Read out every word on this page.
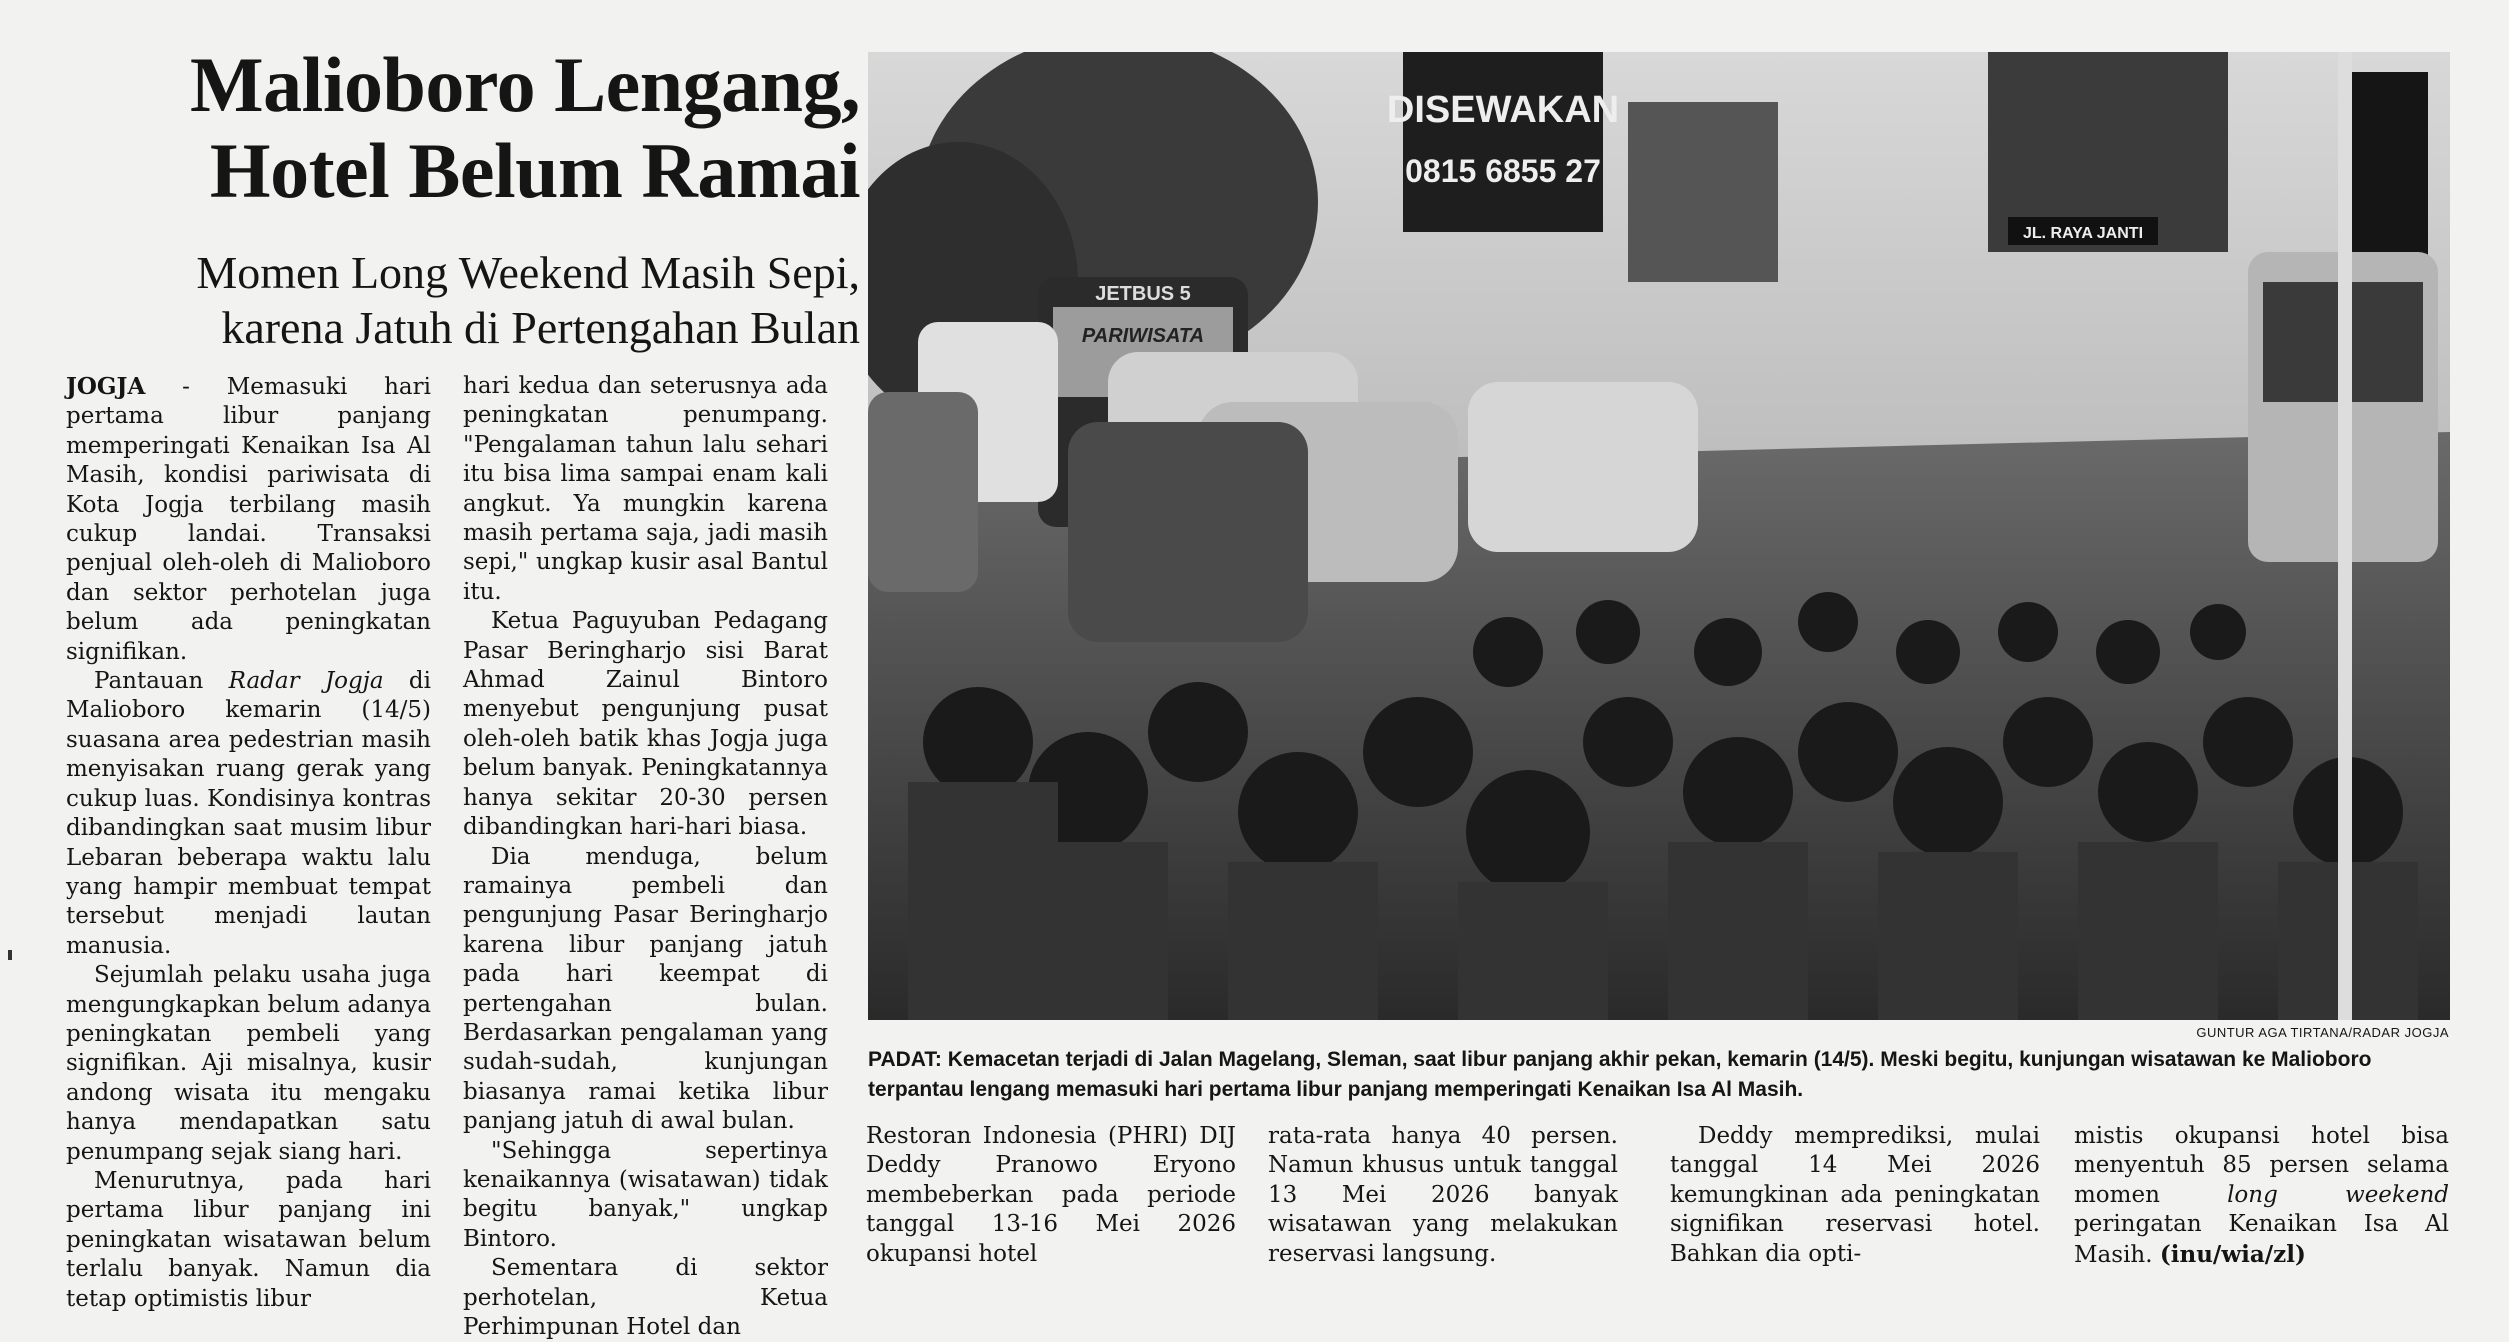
Malioboro Lengang,
Hotel Belum Ramai
Momen Long Weekend Masih Sepi,
karena Jatuh di Pertengahan Bulan

JOGJA - Memasuki hari pertama libur panjang memperingati Kenaikan Isa Al Masih, kondisi pariwisata di Kota Jogja terbilang masih cukup landai. Transaksi penjual oleh-oleh di Malioboro dan sektor perhotelan juga belum ada peningkatan signifikan.

Pantauan Radar Jogja di Malioboro kemarin (14/5) suasana area pedestrian masih menyisakan ruang gerak yang cukup luas. Kondisinya kontras dibandingkan saat musim libur Lebaran beberapa waktu lalu yang hampir membuat tempat tersebut menjadi lautan manusia.

Sejumlah pelaku usaha juga mengungkapkan belum adanya peningkatan pembeli yang signifikan. Aji misalnya, kusir andong wisata itu mengaku hanya mendapatkan satu penumpang sejak siang hari.

Menurutnya, pada hari pertama libur panjang ini peningkatan wisatawan belum terlalu banyak. Namun dia tetap optimistis libur

hari kedua dan seterusnya ada peningkatan penumpang. "Pengalaman tahun lalu sehari itu bisa lima sampai enam kali angkut. Ya mungkin karena masih pertama saja, jadi masih sepi," ungkap kusir asal Bantul itu.

Ketua Paguyuban Pedagang Pasar Beringharjo sisi Barat Ahmad Zainul Bintoro menyebut pengunjung pusat oleh-oleh batik khas Jogja juga belum banyak. Peningkatannya hanya sekitar 20-30 persen dibandingkan hari-hari biasa.

Dia menduga, belum ramainya pembeli dan pengunjung Pasar Beringharjo karena libur panjang jatuh pada hari keempat di pertengahan bulan. Berdasarkan pengalaman yang sudah-sudah, kunjungan biasanya ramai ketika libur panjang jatuh di awal bulan.

"Sehingga sepertinya kenaikannya (wisatawan) tidak begitu banyak," ungkap Bintoro.

Sementara di sektor perhotelan, Ketua Perhimpunan Hotel dan

DISEWAKAN
0815 6855 27
JL. RAYA JANTI
JETBUS 5
PARIWISATA
GUNTUR AGA TIRTANA/RADAR JOGJA
PADAT: Kemacetan terjadi di Jalan Magelang, Sleman, saat libur panjang akhir pekan, kemarin (14/5). Meski begitu, kunjungan wisatawan ke Malioboro terpantau lengang memasuki hari pertama libur panjang memperingati Kenaikan Isa Al Masih.

Restoran Indonesia (PHRI) DIJ Deddy Pranowo Eryono membeberkan pada periode tanggal 13-16 Mei 2026 okupansi hotel

rata-rata hanya 40 persen. Namun khusus untuk tanggal 13 Mei 2026 banyak wisatawan yang melakukan reservasi langsung.

Deddy memprediksi, mulai tanggal 14 Mei 2026 kemungkinan ada peningkatan signifikan reservasi hotel. Bahkan dia opti-

mistis okupansi hotel bisa menyentuh 85 persen selama momen long weekend peringatan Kenaikan Isa Al Masih. (inu/wia/zl)
